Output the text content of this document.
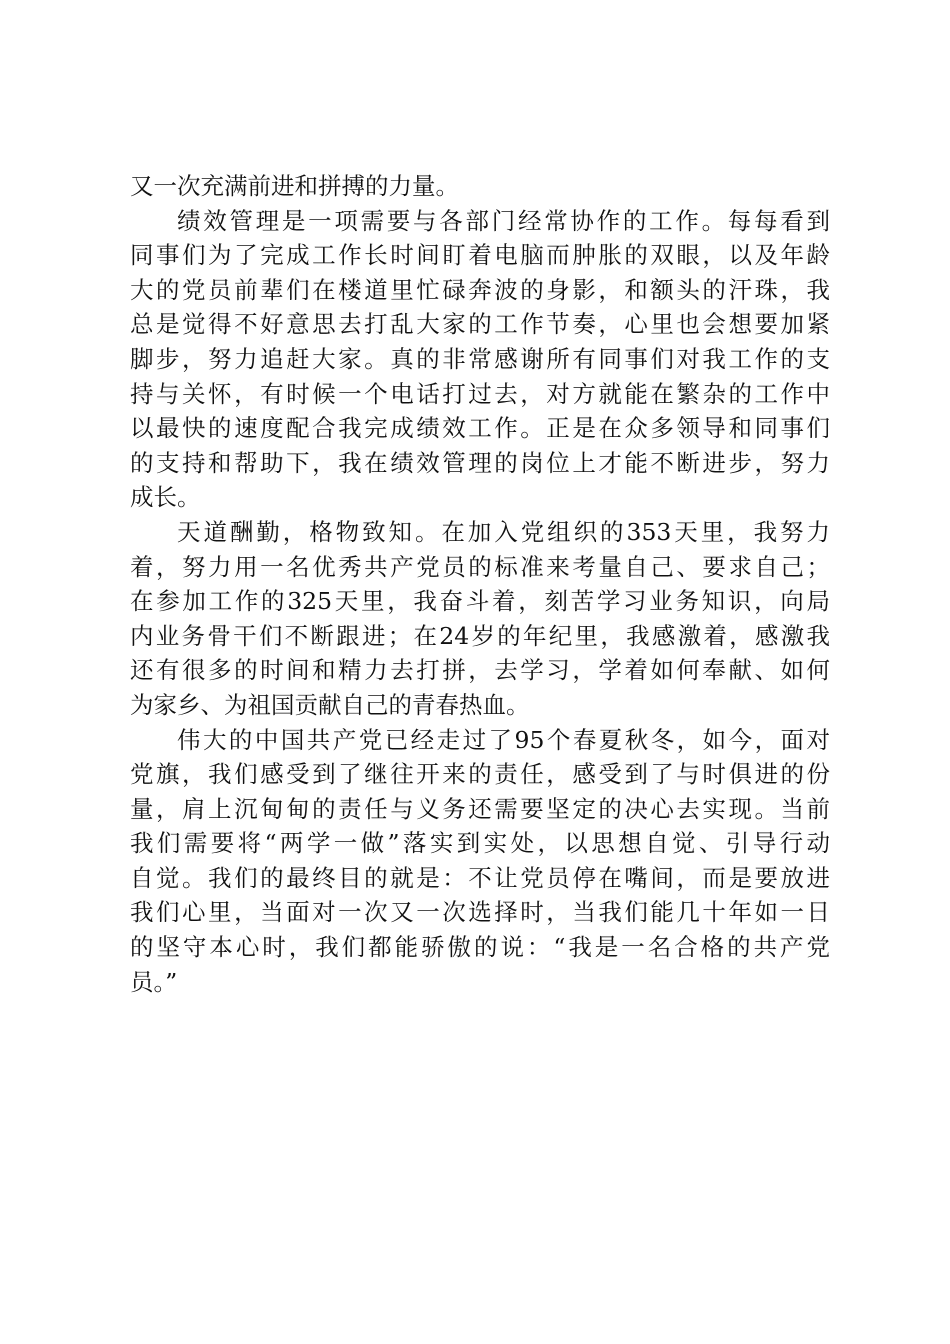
又一次充满前进和拼搏的力量。
绩效管理是一项需要与各部门经常协作的工作。每每看到
同事们为了完成工作长时间盯着电脑而肿胀的双眼，以及年龄
大的党员前辈们在楼道里忙碌奔波的身影，和额头的汗珠，我
总是觉得不好意思去打乱大家的工作节奏，心里也会想要加紧
脚步，努力追赶大家。真的非常感谢所有同事们对我工作的支
持与关怀，有时候一个电话打过去，对方就能在繁杂的工作中
以最快的速度配合我完成绩效工作。正是在众多领导和同事们
的支持和帮助下，我在绩效管理的岗位上才能不断进步，努力
成长。
天道酬勤，格物致知。在加入党组织的353天里，我努力
着，努力用一名优秀共产党员的标准来考量自己、要求自己；
在参加工作的325天里，我奋斗着，刻苦学习业务知识，向局
内业务骨干们不断跟进；在24岁的年纪里，我感激着，感激我
还有很多的时间和精力去打拼，去学习，学着如何奉献、如何
为家乡、为祖国贡献自己的青春热血。
伟大的中国共产党已经走过了95个春夏秋冬，如今，面对
党旗，我们感受到了继往开来的责任，感受到了与时俱进的份
量，肩上沉甸甸的责任与义务还需要坚定的决心去实现。当前
我们需要将“两学一做”落实到实处，以思想自觉、引导行动
自觉。我们的最终目的就是：不让党员停在嘴间，而是要放进
我们心里，当面对一次又一次选择时，当我们能几十年如一日
的坚守本心时，我们都能骄傲的说：“我是一名合格的共产党
员。”
